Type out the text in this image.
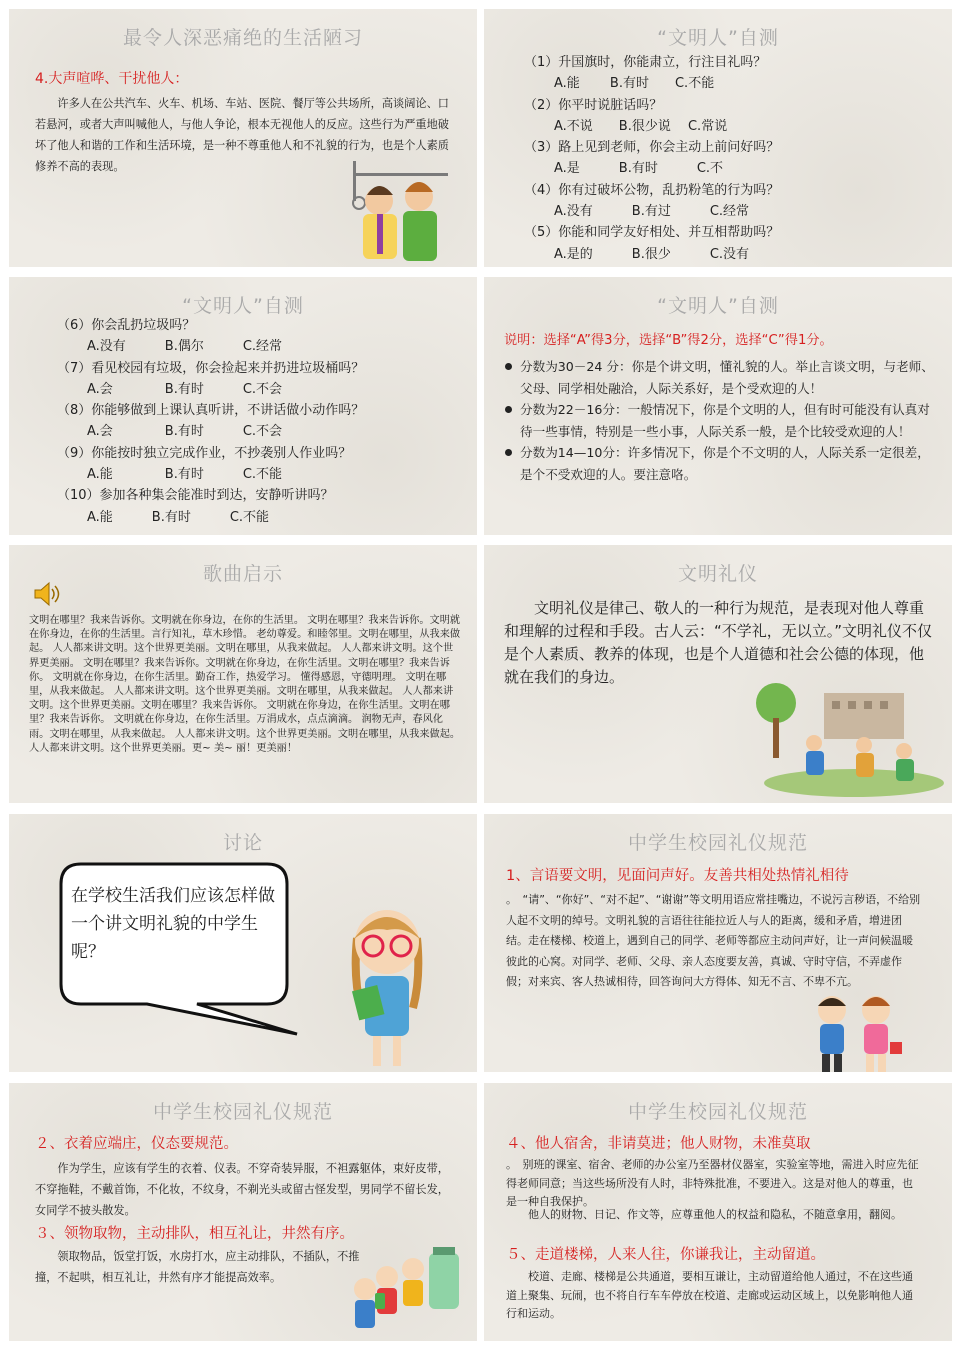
最令人深恶痛绝的生活陋习
4.大声喧哗、干扰他人：
许多人在公共汽车、火车、机场、车站、医院、餐厅等公共场所，高谈阔论、口若悬河，或者大声叫喊他人，与他人争论，根本无视他人的反应。这些行为严重地破坏了他人和谐的工作和生活环境，是一种不尊重他人和不礼貌的行为，也是个人素质修养不高的表现。
“文明人”自测

（1）升国旗时，你能肃立，行注目礼吗？

A.能　　 B.有时　　C.不能

（2）你平时说脏话吗？

A.不说　　B.很少说　 C.常说

（3）路上见到老师，你会主动上前问好吗？

A.是　　　B.有时　　　C.不

（4）你有过破坏公物，乱扔粉笔的行为吗？

A.没有　　　B.有过　　　C.经常

（5）你能和同学友好相处、并互相帮助吗？

A.是的　　　B.很少　　　C.没有

“文明人”自测

（6）你会乱扔垃圾吗？

A.没有　　　B.偶尔　　　C.经常

（7）看见校园有垃圾，你会捡起来并扔进垃圾桶吗？

A.会　　　　B.有时　　　C.不会

（8）你能够做到上课认真听讲，不讲话做小动作吗？

A.会　　　　B.有时　　　C.不会

（9）你能按时独立完成作业，不抄袭别人作业吗？

A.能　　　　B.有时　　　C.不能

（10）参加各种集会能准时到达，安静听讲吗？

A.能　　　B.有时　　　C.不能

“文明人”自测
说明：选择“A”得3分，选择“B”得2分，选择“C”得1分。
分数为30－24 分：你是个讲文明，懂礼貌的人。举止言谈文明，与老师、父母、同学相处融洽，人际关系好，是个受欢迎的人！
分数为22－16分：一般情况下，你是个文明的人，但有时可能没有认真对待一些事情，特别是一些小事，人际关系一般，是个比较受欢迎的人！
分数为14—10分：许多情况下，你是个不文明的人，人际关系一定很差，是个不受欢迎的人。要注意咯。
歌曲启示
文明在哪里？我来告诉你。文明就在你身边，在你的生活里。 文明在哪里？我来告诉你。文明就在你身边，在你的生活里。言行知礼，草木珍惜。 老幼尊爱。和睦邻里。文明在哪里，从我来做起。 人人都来讲文明。这个世界更美丽。文明在哪里，从我来做起。 人人都来讲文明。这个世界更美丽。 文明在哪里？我来告诉你。文明就在你身边，在你生活里。文明在哪里？我来告诉你。 文明就在你身边，在你生活里。勤奋工作，热爱学习。 懂得感恩，守德明理。 文明在哪里，从我来做起。 人人都来讲文明。这个世界更美丽。文明在哪里，从我来做起。 人人都来讲文明。这个世界更美丽。文明在哪里？我来告诉你。 文明就在你身边，在你生活里。文明在哪里？我来告诉你。 文明就在你身边，在你生活里。万涓成水，点点滴滴。 润物无声，春风化雨。文明在哪里，从我来做起。 人人都来讲文明。这个世界更美丽。文明在哪里，从我来做起。 人人都来讲文明。这个世界更美丽。更~ 美~ 丽！更美丽！
文明礼仪
文明礼仪是律己、敬人的一种行为规范，是表现对他人尊重和理解的过程和手段。古人云：“不学礼，无以立。”文明礼仪不仅是个人素质、教养的体现，也是个人道德和社会公德的体现，他就在我们的身边。
讨论
在学校生活我们应该怎样做一个讲文明礼貌的中学生呢？
中学生校园礼仪规范
1、言语要文明，见面问声好。友善共相处热情礼相待
。　“请”、“你好”、“对不起”、“谢谢”等文明用语应常挂嘴边，不说污言秽语，不给别人起不文明的绰号。文明礼貌的言语往往能拉近人与人的距离，缓和矛盾，增进团结。走在楼梯、校道上，遇到自己的同学、老师等都应主动问声好，让一声问候温暖彼此的心窝。对同学、老师、父母、亲人态度要友善，真诚、守时守信，不弄虚作假；对来宾、客人热诚相待，回答询问大方得体、知无不言、不卑不亢。
中学生校园礼仪规范
２、衣着应端庄，仪态要规范。
作为学生，应该有学生的衣着、仪表。不穿奇装异服，不袒露躯体，束好皮带，不穿拖鞋，不戴首饰，不化妆，不纹身，不剃光头或留古怪发型，男同学不留长发，女同学不披头散发。
３、领物取物，主动排队，相互礼让，井然有序。
领取物品，饭堂打饭，水房打水，应主动排队，不插队，不推撞，不起哄，相互礼让，井然有序才能提高效率。
中学生校园礼仪规范
４、他人宿舍，非请莫进；他人财物，未准莫取
。　别班的课室、宿舍、老师的办公室乃至器材仪器室，实验室等地，需进入时应先征得老师同意；当这些场所没有人时，非特殊批准，不要进入。这是对他人的尊重，也是一种自我保护。
他人的财物、日记、作文等，应尊重他人的权益和隐私，不随意拿用，翻阅。
５、走道楼梯，人来人往，你谦我让，主动留道。
校道、走廊、楼梯是公共通道，要相互谦让，主动留道给他人通过，不在这些通道上聚集、玩闹，也不将自行车车停放在校道、走廊或运动区域上，以免影响他人通行和运动。
